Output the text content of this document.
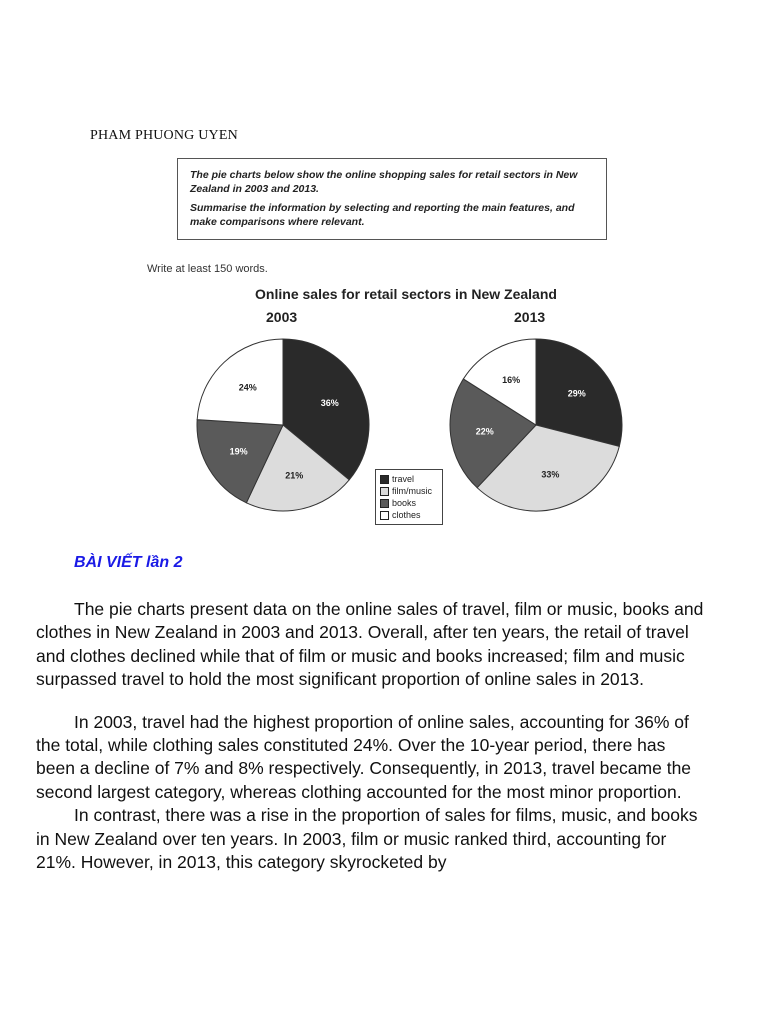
PHAM PHUONG UYEN

The pie charts below show the online shopping sales for retail sectors in New Zealand in 2003 and 2013.

Summarise the information by selecting and reporting the main features, and make comparisons where relevant.

Write at least 150 words.
Online sales for retail sectors in New Zealand
2003	2013
36%
21%
19%
24%
29%
33%
22%
16%
travel
film/music
books
clothes
BÀI VIẾT lần 2

The pie charts present data on the online sales of travel, film or music, books and clothes in New Zealand in 2003 and 2013. Overall, after ten years, the retail of travel and clothes declined while that of film or music and books increased; film and music surpassed travel to hold the most significant proportion of online sales in 2013.

In 2003, travel had the highest proportion of online sales, accounting for 36% of the total, while clothing sales constituted 24%. Over the 10-year period, there has been a decline of 7% and 8% respectively. Consequently, in 2013, travel became the second largest category, whereas clothing accounted for the most minor proportion.

In contrast, there was a rise in the proportion of sales for films, music, and books in New Zealand over ten years. In 2003, film or music ranked third, accounting for 21%. However, in 2013, this category skyrocketed by
